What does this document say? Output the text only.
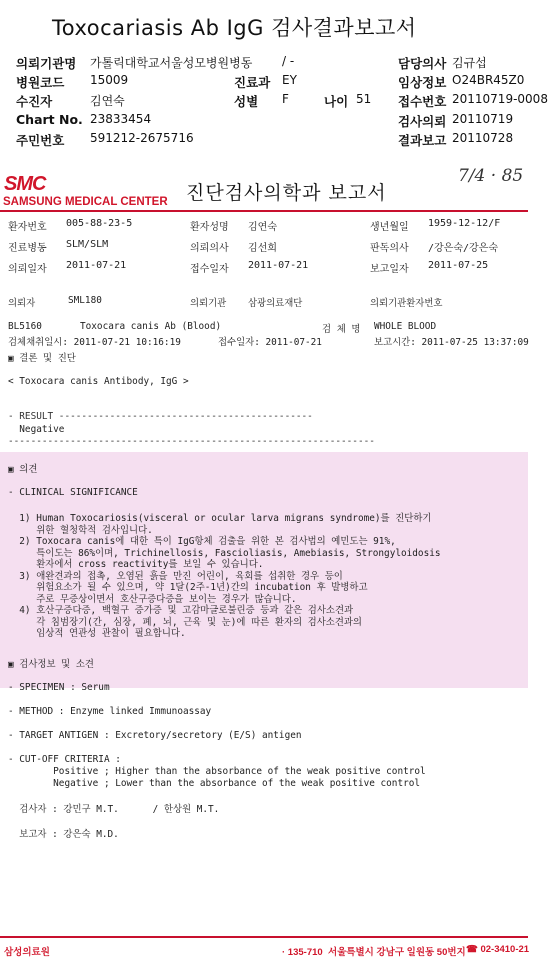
Toxocariasis Ab IgG 검사결과보고서
의뢰기관명 가톨릭대학교서울성모병원병동 / -	담당의사 김규섭
병원코드 15009	진료과 EY	임상정보 O24BR45Z0
수진자	김연숙	성별 F	나이 51 접수번호 20110719-0008
Chart No. 23833454	검사의뢰 20110719
주민번호 591212-2675716	결과보고 20110728
SMC
SAMSUNG MEDICAL CENTER 진단검사의학과 보고서
7/4 · 85
환자번호 005-88-23-5	환자성명 김연숙	생년월일 1959-12-12/F
진료병동 SLM/SLM	의뢰의사 김선희	판독의사 /강은숙/강은숙
의뢰일자 2011-07-21	접수일자 2011-07-21	보고일자 2011-07-25
의뢰자	SML180	의뢰기관 삼광의료재단	의뢰기관환자번호
BL5160	Toxocara canis Ab (Blood)	검 체 명 WHOLE BLOOD
검체채취일시: 2011-07-21 10:16:19	접수일자: 2011-07-21	보고시간: 2011-07-25 13:37:09
▣ 결론 및 진단
< Toxocara canis Antibody, IgG >
- RESULT ---------------------------------------------
Negative
-----------------------------------------------------------------
▣ 의견
- CLINICAL SIGNIFICANCE
1) Human Toxocariosis(visceral or ocular larva migrans syndrome)를 진단하기
위한 혈청학적 검사입니다.
2) Toxocara canis에 대한 특이 IgG항체 검출을 위한 본 검사법의 예민도는 91%,
특이도는 86%이며, Trichinellosis, Fascioliasis, Amebiasis, Strongyloidosis
환자에서 cross reactivity를 보일 수 있습니다.
3) 애완견과의 접촉, 오염된 흙을 만진 어린이, 육회를 섭취한 경우 등이
위험요소가 될 수 있으며, 약 1달(2주-1년)간의 incubation 후 발병하고
주로 무증상이면서 호산구증다증을 보이는 경우가 많습니다.
4) 호산구증다증, 백혈구 증가증 및 고감마글로불린증 등과 같은 검사소견과
각 침범장기(간, 심장, 폐, 뇌, 근육 및 눈)에 따른 환자의 검사소견과의
임상적 연관성 관찰이 필요합니다.
▣ 검사정보 및 소견
- SPECIMEN : Serum
- METHOD : Enzyme linked Immunoassay
- TARGET ANTIGEN : Excretory/secretory (E/S) antigen
- CUT-OFF CRITERIA :
Positive ; Higher than the absorbance of the weak positive control
Negative ; Lower than the absorbance of the weak positive control
검사자 : 강민구 M.T.      / 한상원 M.T.
보고자 : 강은숙 M.D.
삼성의료원	· 135-710  서울특별시 강남구 일원동 50번지 ☎ 02-3410-21
